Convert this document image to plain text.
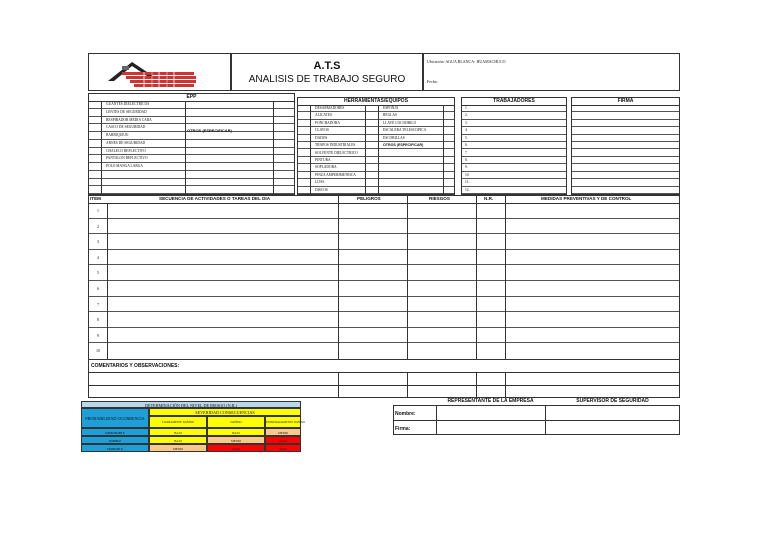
A.T.S
ANALISIS DE TRABAJO SEGURO
Ubicación: AGUA BLANCA- HUAMACHUCO
Fecha:
EPP
GUANTES DIELECTRICOS
LENTES DE SEGURIDAD
RESPIRADOR MEDIA CARA
CASCO DE SEGURIDAD
BARBIQUEJO
ARNES DE SEGURIDAD
CHALECO REFLECTIVO
PANTALON REFLECTIVO
POLO MANGA LARGA
OTROS (ESPECIFICAR)
HERRAMIENTAS/EQUIPOS
DESARMADORES	ESPONJA
ALICATES	REGLAS
PONCHADORA	LLAVE COCODRILO
CLAVOS	ESCALERA TELESCOPICA
DADOS	ESCOBILLAS
TRAPOS INDUSTRIALES	OTROS (ESPECIFICAR)
SOLVENTE DIELECTRICO
PINTURA
SOPLADORA
PINZA AMPERIMETRICA
LIJAS
DISCOS
TRABAJADORES
1.
2.
3.
4.
5.
6.
7.
8.
9.
10.
11.
12.
FIRMA
ITEM	SECUENCIA DE ACTIVIDADES O TAREAS DEL DIA	PELIGROS	RIESGOS	N.R.	MEDIDAS PREVENTIVAS Y DE CONTROL
1
2
3
4
5
6
7
8
9
10
COMENTARIOS Y OBSERVACIONES:
DETERMINACIÓN DEL NIVEL DE RIESGO (N.R.)
PROBABILIDAD OCURRENCIA
SEVERIDAD CONSECUENCIAS
LIGERAMENTE DAÑINO	DAÑINO	EXTREMADAMENTE DAÑINO
IMPROBABLE	BAJO	BAJO	MEDIO
POSIBLE	BAJO	MEDIO	ALTO
PROBABLE	MEDIO	ALTO	ALTO
REPRESENTANTE DE LA EMPRESA	SUPERVISOR DE SEGURIDAD
Nombre:
Firma:
